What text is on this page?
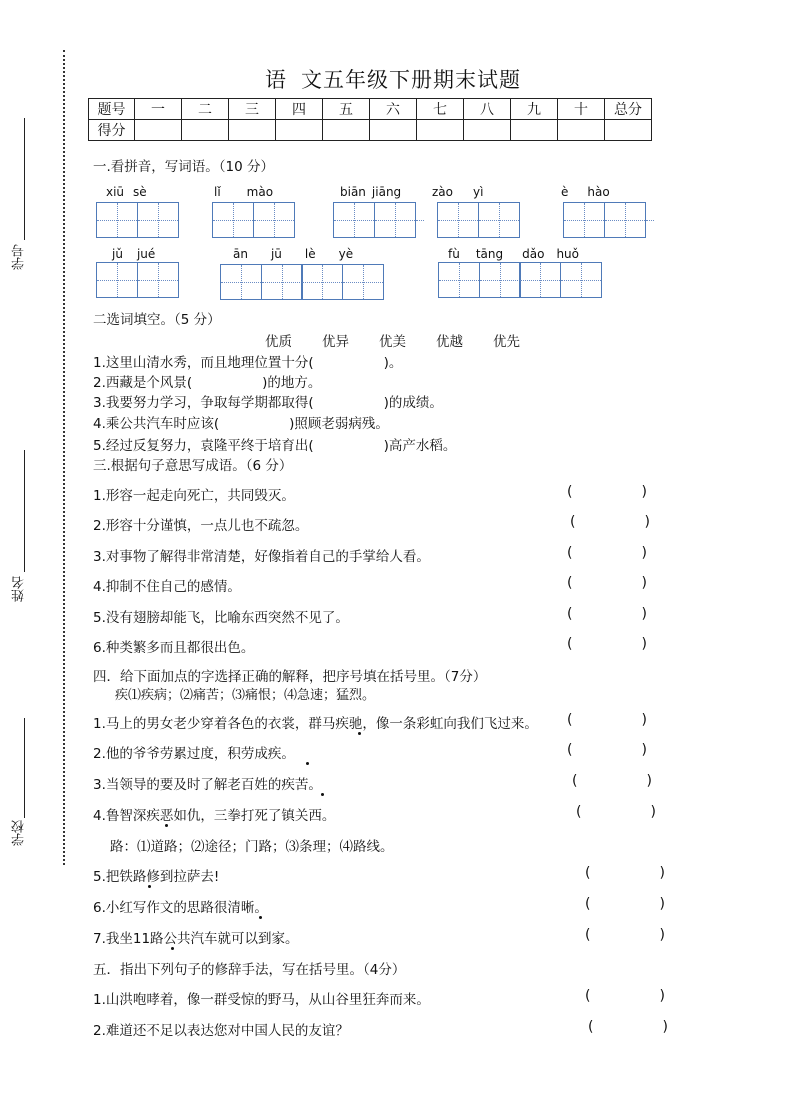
学号
姓名
学校
语 文五年级下册期末试题
题号	一	二	三	四	五	六	七	八	九	十	总分
得分											
一.看拼音，写词语。（10 分）
xiū sè	lǐ mào	biān jiāng	zào yì	è hào
jǔ jué	ān jū lè yè	fù tāng dǎo huǒ
二选词填空。（5 分）
优质 优异 优美 优越 优先
1.这里山清水秀，而且地理位置十分(	)。
2.西藏是个风景(	)的地方。
3.我要努力学习，争取每学期都取得(	)的成绩。
4.乘公共汽车时应该(	)照顾老弱病残。
5.经过反复努力，袁隆平终于培育出(	)高产水稻。
三.根据句子意思写成语。（6 分）
1.形容一起走向死亡，共同毁灭。	(	)
2.形容十分谨慎，一点儿也不疏忽。	(	)
3.对事物了解得非常清楚，好像指着自己的手掌给人看。	(	)
4.抑制不住自己的感情。	(	)
5.没有翅膀却能飞，比喻东西突然不见了。	(	)
6.种类繁多而且都很出色。	(	)
四．给下面加点的字选择正确的解释，把序号填在括号里。（7分）
疾⑴疾病；⑵痛苦；⑶痛恨；⑷急速；猛烈。
1.马上的男女老少穿着各色的衣裳，群马疾驰，像一条彩虹向我们飞过来。 (	)
2.他的爷爷劳累过度，积劳成疾。	(	)
3.当领导的要及时了解老百姓的疾苦。	(	)
4.鲁智深疾恶如仇，三拳打死了镇关西。	(	)
路：⑴道路；⑵途径；门路；⑶条理；⑷路线。
5.把铁路修到拉萨去!	(	)
6.小红写作文的思路很清晰。	(	)
7.我坐11路公共汽车就可以到家。	(	)
五．指出下列句子的修辞手法，写在括号里。（4分）
1.山洪咆哮着，像一群受惊的野马，从山谷里狂奔而来。	(	)
2.难道还不足以表达您对中国人民的友谊？	(	)
